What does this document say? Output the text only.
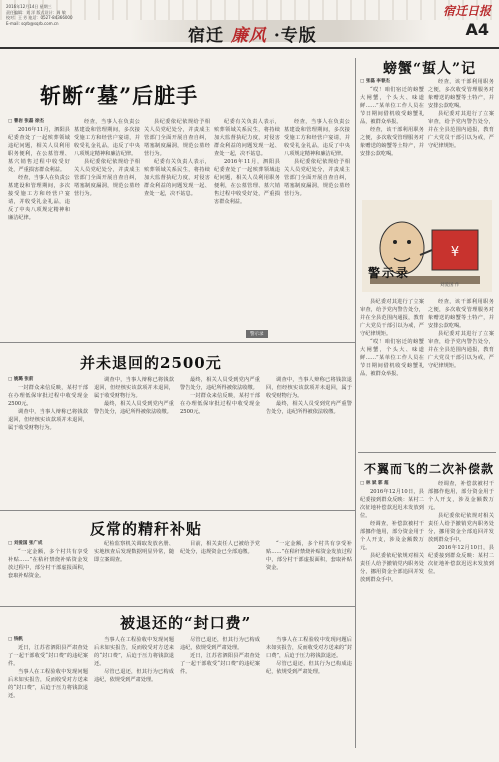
2016年12月14日 星期三
责任编辑：刘 洋 版式设计：周 敏
校对：王 芳 电话：0527-84366000
E-mail: sqrb@sqrb.com.cn
宿迁 廉风 ·专版
宿迁日报
A4
斩断“墓”后脏手
□ 曹岩 张磊 徐杰

2016年11月，泗阳县纪委查处了一起殡葬领域违纪问题，相关人员利用职务便利，在公墓管理、墓穴销售过程中收受好处，严重损害群众利益。

经查，当事人在负责公墓建设和管理期间，多次接受施工方和经营户宴请，并收受礼金礼品，违反了中央八项规定精神和廉洁纪律。

经查，当事人在负责公墓建设和管理期间，多次接受施工方和经营户宴请，并收受礼金礼品，违反了中央八项规定精神和廉洁纪律。

县纪委依纪依规给予相关人员党纪处分，并责成主管部门全面开展自查自纠，堵塞制度漏洞，规范公墓经营行为。

县纪委依纪依规给予相关人员党纪处分，并责成主管部门全面开展自查自纠，堵塞制度漏洞，规范公墓经营行为。

纪委有关负责人表示，殡葬领域关系民生，将持续加大监督执纪力度，对侵害群众利益的问题发现一起、查处一起，决不姑息。

纪委有关负责人表示，殡葬领域关系民生，将持续加大监督执纪力度，对侵害群众利益的问题发现一起、查处一起，决不姑息。

2016年11月，泗阳县纪委查处了一起殡葬领域违纪问题，相关人员利用职务便利，在公墓管理、墓穴销售过程中收受好处，严重损害群众利益。

经查，当事人在负责公墓建设和管理期间，多次接受施工方和经营户宴请，并收受礼金礼品，违反了中央八项规定精神和廉洁纪律。

县纪委依纪依规给予相关人员党纪处分，并责成主管部门全面开展自查自纠，堵塞制度漏洞，规范公墓经营行为。

螃蟹“蜇人”记
□ 张磊 李春杰

“哎！咱们宿迁的螃蟹大闸蟹，个头大、味道鲜……”某单位工作人员在节日期间借机收受螃蟹礼品，被群众举报。

经查，该干部利用职务之便，多次收受管理服务对象赠送的螃蟹等土特产，并安排公款吃喝。

经查，该干部利用职务之便，多次收受管理服务对象赠送的螃蟹等土特产，并安排公款吃喝。

县纪委对其进行了立案审查，给予党内警告处分，并在全县范围内通报，教育广大党员干部引以为戒，严守纪律规矩。

¥
警示录
刘爱国 作

县纪委对其进行了立案审查，给予党内警告处分，并在全县范围内通报，教育广大党员干部引以为戒，严守纪律规矩。

“哎！咱们宿迁的螃蟹大闸蟹，个头大、味道鲜……”某单位工作人员在节日期间借机收受螃蟹礼品，被群众举报。

经查，该干部利用职务之便，多次收受管理服务对象赠送的螃蟹等土特产，并安排公款吃喝。

县纪委对其进行了立案审查，给予党内警告处分，并在全县范围内通报，教育广大党员干部引以为戒，严守纪律规矩。

并未退回的2500元
□ 姚璐 张前

一封群众来信反映，某村干部在办理低保审批过程中收受现金2500元。

调查中，当事人辩称已将钱款退回，但经核实该款项并未退回，属于收受财物行为。

调查中，当事人辩称已将钱款退回，但经核实该款项并未退回，属于收受财物行为。

最终，相关人员受到党内严重警告处分，违纪所得被依法收缴。

最终，相关人员受到党内严重警告处分，违纪所得被依法收缴。

一封群众来信反映，某村干部在办理低保审批过程中收受现金2500元。

调查中，当事人辩称已将钱款退回，但经核实该款项并未退回，属于收受财物行为。

最终，相关人员受到党内严重警告处分，违纪所得被依法收缴。

反常的精秆补贴
□ 刘爱国 张广成

“一定金额，多个村共有享受补贴……”在秸秆禁烧补贴资金发放过程中，部分村干部虚报面积，套取补贴资金。

纪检监察机关调取发放名册、实地核查后发现数据明显异常，随即立案调查。

目前，相关责任人已被给予党纪处分，违规资金已全部追缴。

“一定金额，多个村共有享受补贴……”在秸秆禁烧补贴资金发放过程中，部分村干部虚报面积，套取补贴资金。

被退还的“封口费”
□ 钱帆

近日，江苏省泗阳县严肃查处了一起干部收受“封口费”的违纪案件。

当事人在工程验收中发现问题后未如实报告，反而收受对方送来的“封口费”，后迫于压力将钱款退还。

当事人在工程验收中发现问题后未如实报告，反而收受对方送来的“封口费”，后迫于压力将钱款退还。

尽管已退还，但其行为已构成违纪，依规受到严肃处理。

尽管已退还，但其行为已构成违纪，依规受到严肃处理。

近日，江苏省泗阳县严肃查处了一起干部收受“封口费”的违纪案件。

当事人在工程验收中发现问题后未如实报告，反而收受对方送来的“封口费”，后迫于压力将钱款退还。

尽管已退还，但其行为已构成违纪，依规受到严肃处理。

不翼而飞的二次补偿款
□ 林 斌 郭 超

2016年12月10日，县纪委接到群众反映：某村二次征地补偿款迟迟未发放到位。

经调查，补偿款被村干部挪作他用，部分资金用于个人开支，涉及金额数万元。

县纪委依纪依规对相关责任人给予撤销党内职务处分，挪用资金全部追回并发放到群众手中。

经调查，补偿款被村干部挪作他用，部分资金用于个人开支，涉及金额数万元。

县纪委依纪依规对相关责任人给予撤销党内职务处分，挪用资金全部追回并发放到群众手中。

2016年12月10日，县纪委接到群众反映：某村二次征地补偿款迟迟未发放到位。

警示录
